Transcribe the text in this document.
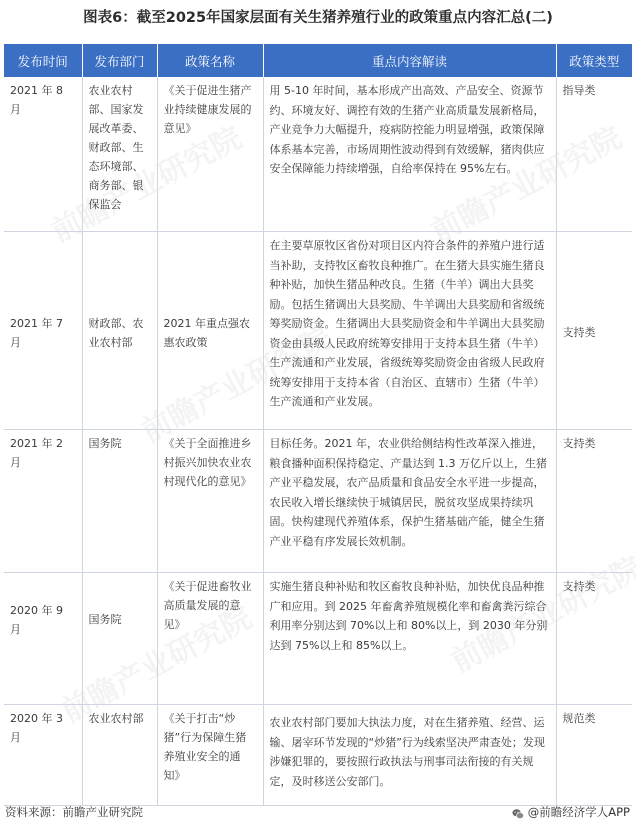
图表6：截至2025年国家层面有关生猪养殖行业的政策重点内容汇总(二)
发布时间	发布部门	政策名称	重点内容解读	政策类型
2021 年 8 月	农业农村部、国家发展改革委、财政部、生态环境部、商务部、银保监会	《关于促进生猪产业持续健康发展的意见》	用 5-10 年时间，基本形成产出高效、产品安全、资源节约、环境友好、调控有效的生猪产业高质量发展新格局，产业竞争力大幅提升，疫病防控能力明显增强，政策保障体系基本完善，市场周期性波动得到有效缓解，猪肉供应安全保障能力持续增强，自给率保持在 95%左右。	指导类
2021 年 7 月	财政部、农业农村部	2021 年重点强农惠农政策	在主要草原牧区省份对项目区内符合条件的养殖户进行适当补助，支持牧区畜牧良种推广。在生猪大县实施生猪良种补贴，加快生猪品种改良。生猪（牛羊）调出大县奖励。包括生猪调出大县奖励、牛羊调出大县奖励和省级统筹奖励资金。生猪调出大县奖励资金和牛羊调出大县奖励资金由县级人民政府统筹安排用于支持本县生猪（牛羊）生产流通和产业发展，省级统筹奖励资金由省级人民政府统筹安排用于支持本省（自治区、直辖市）生猪（牛羊）生产流通和产业发展。	支持类
2021 年 2 月	国务院	《关于全面推进乡村振兴加快农业农村现代化的意见》	目标任务。2021 年，农业供给侧结构性改革深入推进，粮食播种面积保持稳定、产量达到 1.3 万亿斤以上，生猪产业平稳发展，农产品质量和食品安全水平进一步提高，农民收入增长继续快于城镇居民，脱贫攻坚成果持续巩固。快构建现代养殖体系，保护生猪基础产能，健全生猪产业平稳有序发展长效机制。	支持类
2020 年 9 月	国务院	《关于促进畜牧业高质量发展的意见》	实施生猪良种补贴和牧区畜牧良种补贴，加快优良品种推广和应用。到 2025 年畜禽养殖规模化率和畜禽粪污综合利用率分别达到 70%以上和 80%以上，到 2030 年分别达到 75%以上和 85%以上。	支持类
2020 年 3 月	农业农村部	《关于打击“炒猪”行为保障生猪养殖业安全的通知》	农业农村部门要加大执法力度，对在生猪养殖、经营、运输、屠宰环节发现的“炒猪”行为线索坚决严肃查处；发现涉嫌犯罪的，要按照行政执法与刑事司法衔接的有关规定，及时移送公安部门。	规范类
资料来源：前瞻产业研究院	@前瞻经济学人APP
